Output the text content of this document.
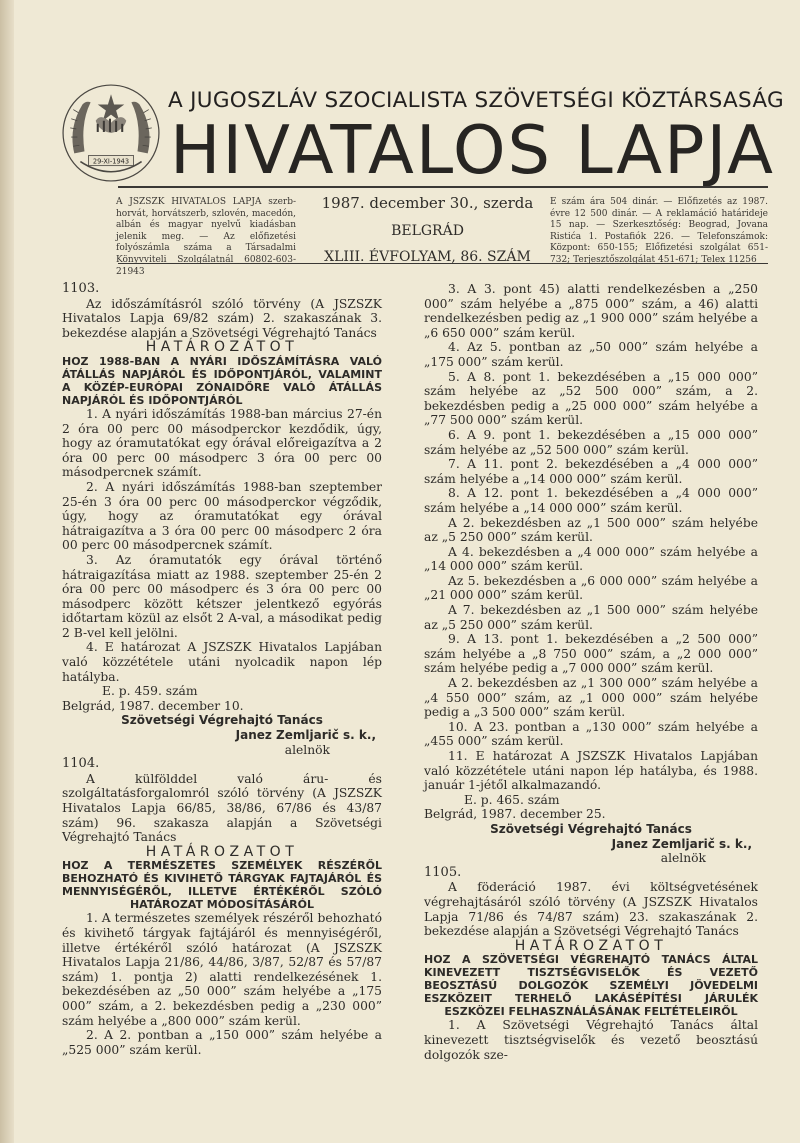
29-XI-1943
A JUGOSZLÁV SZOCIALISTA SZÖVETSÉGI KÖZTÁRSASÁG
HIVATALOS LAPJA
A JSZSZK HIVATALOS LAPJA szerb-horvát, horvátszerb, szlovén, macedón, albán és magyar nyelvű kiadásban jelenik meg. — Az előfizetési folyószámla száma a Társadalmi Könyvviteli Szolgálatnál 60802-603-21943
1987. december 30., szerda
BELGRÁD
XLIII. ÉVFOLYAM, 86. SZÁM
E szám ára 504 dinár. — Előfizetés az 1987. évre 12 500 dinár. — A reklamáció határideje 15 nap. — Szerkesztőség: Beograd, Jovana Ristića 1. Postafiók 226. — Telefonszámok: Központ: 650-155; Előfizetési szolgálat 651-732; Terjesztőszolgálat 451-671; Telex 11256

1103.

Az időszámításról szóló törvény (A JSZSZK Hivatalos Lapja 69/82 szám) 2. szakaszának 3. bekezdése alapján a Szövetségi Végrehajtó Tanács

HATÁROZATOT

HOZ 1988-BAN A NYÁRI IDŐSZÁMÍTÁSRA VALÓ ÁTÁLLÁS NAPJÁRÓL ÉS IDŐPONTJÁRÓL, VALAMINT A KÖZÉP-EURÓPAI ZÓNAIDŐRE VALÓ ÁTÁLLÁS NAPJÁRÓL ÉS IDŐPONTJÁRÓL

1. A nyári időszámítás 1988-ban március 27-én 2 óra 00 perc 00 másodperckor kezdődik, úgy, hogy az óramutatókat egy órával előreigazítva a 2 óra 00 perc 00 másodperc 3 óra 00 perc 00 másodpercnek számít.

2. A nyári időszámítás 1988-ban szeptember 25-én 3 óra 00 perc 00 másodperckor végződik, úgy, hogy az óramutatókat egy órával hátraigazítva a 3 óra 00 perc 00 másodperc 2 óra 00 perc 00 másodpercnek számít.

3. Az óramutatók egy órával történő hátraigazítása miatt az 1988. szeptember 25-én 2 óra 00 perc 00 másodperc és 3 óra 00 perc 00 másodperc között kétszer jelentkező egyórás időtartam közül az elsőt 2 A-val, a másodikat pedig 2 B-vel kell jelölni.

4. E határozat A JSZSZK Hivatalos Lapjában való közzététele utáni nyolcadik napon lép hatályba.

E. p. 459. szám
Belgrád, 1987. december 10.

Szövetségi Végrehajtó Tanács

Janez Zemljarič s. k.,
alelnök

1104.

A külfölddel való áru- és szolgáltatásforgalomról szóló törvény (A JSZSZK Hivatalos Lapja 66/85, 38/86, 67/86 és 43/87 szám) 96. szakasza alapján a Szövetségi Végrehajtó Tanács

HATÁROZATOT

HOZ A TERMÉSZETES SZEMÉLYEK RÉSZÉRŐL BEHOZHATÓ ÉS KIVIHETŐ TÁRGYAK FAJTAJÁRÓL ÉS MENNYISÉGÉRŐL, ILLETVE ÉRTÉKÉRŐL SZÓLÓ HATÁROZAT MÓDOSÍTÁSÁRÓL

1. A természetes személyek részéről behozható és kivihető tárgyak fajtájáról és mennyiségéről, illetve értékéről szóló határozat (A JSZSZK Hivatalos Lapja 21/86, 44/86, 3/87, 52/87 és 57/87 szám) 1. pontja 2) alatti rendelkezésének 1. bekezdésében az „50 000” szám helyébe a „175 000” szám, a 2. bekezdésben pedig a „230 000” szám helyébe a „800 000” szám kerül.

2. A 2. pontban a „150 000” szám helyébe a „525 000” szám kerül.

3. A 3. pont 45) alatti rendelkezésben a „250 000” szám helyébe a „875 000” szám, a 46) alatti rendelkezésben pedig az „1 900 000” szám helyébe a „6 650 000” szám kerül.

4. Az 5. pontban az „50 000” szám helyébe a „175 000” szám kerül.

5. A 8. pont 1. bekezdésében a „15 000 000” szám helyébe az „52 500 000” szám, a 2. bekezdésben pedig a „25 000 000” szám helyébe a „77 500 000” szám kerül.

6. A 9. pont 1. bekezdésében a „15 000 000” szám helyébe az „52 500 000” szám kerül.

7. A 11. pont 2. bekezdésében a „4 000 000” szám helyébe a „14 000 000” szám kerül.

8. A 12. pont 1. bekezdésében a „4 000 000” szám helyébe a „14 000 000” szám kerül.

A 2. bekezdésben az „1 500 000” szám helyébe az „5 250 000” szám kerül.

A 4. bekezdésben a „4 000 000” szám helyébe a „14 000 000” szám kerül.

Az 5. bekezdésben a „6 000 000” szám helyébe a „21 000 000” szám kerül.

A 7. bekezdésben az „1 500 000” szám helyébe az „5 250 000” szám kerül.

9. A 13. pont 1. bekezdésében a „2 500 000” szám helyébe a „8 750 000” szám, a „2 000 000” szám helyébe pedig a „7 000 000” szám kerül.

A 2. bekezdésben az „1 300 000” szám helyébe a „4 550 000” szám, az „1 000 000” szám helyébe pedig a „3 500 000” szám kerül.

10. A 23. pontban a „130 000” szám helyébe a „455 000” szám kerül.

11. E határozat A JSZSZK Hivatalos Lapjában való közzététele utáni napon lép hatályba, és 1988. január 1-jétől alkalmazandó.

E. p. 465. szám
Belgrád, 1987. december 25.

Szövetségi Végrehajtó Tanács

Janez Zemljarič s. k.,
alelnök

1105.

A föderáció 1987. évi költségvetésének végrehajtásáról szóló törvény (A JSZSZK Hivatalos Lapja 71/86 és 74/87 szám) 23. szakaszának 2. bekezdése alapján a Szövetségi Végrehajtó Tanács

HATÁROZATOT

HOZ A SZÖVETSÉGI VÉGREHAJTÓ TANÁCS ÁLTAL KINEVEZETT TISZTSÉGVISELŐK ÉS VEZETŐ BEOSZTÁSÚ DOLGOZÓK SZEMÉLYI JÖVEDELMI ESZKÖZEIT TERHELŐ LAKÁSÉPÍTÉSI JÁRULÉK ESZKÖZEI FELHASZNÁLÁSÁNAK FELTÉTELEIRŐL

1. A Szövetségi Végrehajtó Tanács által kinevezett tisztségviselők és vezető beosztású dolgozók sze-
